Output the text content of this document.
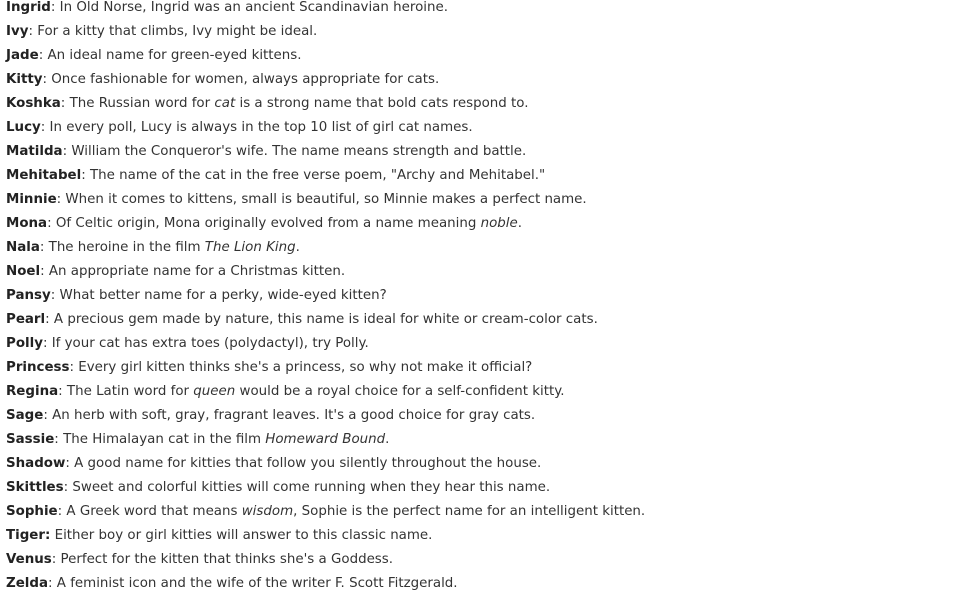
Ingrid: In Old Norse, Ingrid was an ancient Scandinavian heroine.
Ivy: For a kitty that climbs, Ivy might be ideal.
Jade: An ideal name for green-eyed kittens.
Kitty: Once fashionable for women, always appropriate for cats.
Koshka: The Russian word for cat is a strong name that bold cats respond to.
Lucy: In every poll, Lucy is always in the top 10 list of girl cat names.
Matilda: William the Conqueror's wife. The name means strength and battle.
Mehitabel: The name of the cat in the free verse poem, "Archy and Mehitabel."
Minnie: When it comes to kittens, small is beautiful, so Minnie makes a perfect name.
Mona: Of Celtic origin, Mona originally evolved from a name meaning noble.
Nala: The heroine in the film The Lion King.
Noel: An appropriate name for a Christmas kitten.
Pansy: What better name for a perky, wide-eyed kitten?
Pearl: A precious gem made by nature, this name is ideal for white or cream-color cats.
Polly: If your cat has extra toes (polydactyl), try Polly.
Princess: Every girl kitten thinks she's a princess, so why not make it official?
Regina: The Latin word for queen would be a royal choice for a self-confident kitty.
Sage: An herb with soft, gray, fragrant leaves. It's a good choice for gray cats.
Sassie: The Himalayan cat in the film Homeward Bound.
Shadow: A good name for kitties that follow you silently throughout the house.
Skittles: Sweet and colorful kitties will come running when they hear this name.
Sophie: A Greek word that means wisdom, Sophie is the perfect name for an intelligent kitten.
Tiger: Either boy or girl kitties will answer to this classic name.
Venus: Perfect for the kitten that thinks she's a Goddess.
Zelda: A feminist icon and the wife of the writer F. Scott Fitzgerald.
